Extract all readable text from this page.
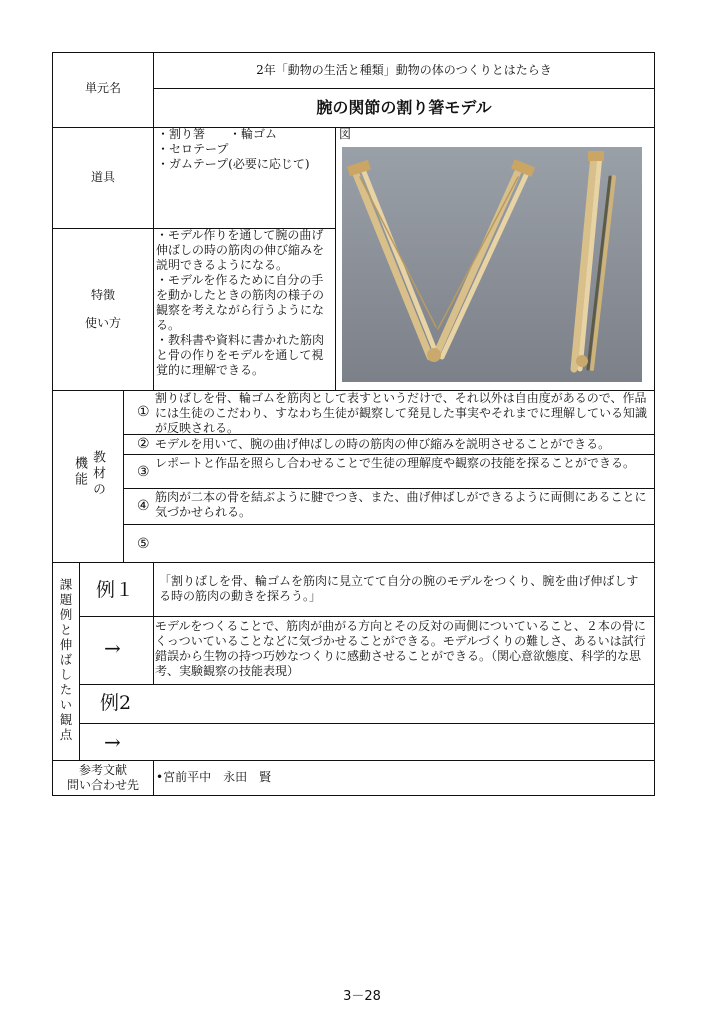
単元名
2年「動物の生活と種類」動物の体のつくりとはたらき
腕の関節の割り箸モデル
道具
・割り箸　　・輪ゴム
・セロテープ
・ガムテープ(必要に応じて)
特徴
使い方
・モデル作りを通して腕の曲げ伸ばしの時の筋肉の伸び縮みを説明できるようになる。
・モデルを作るために自分の手を動かしたときの筋肉の様子の観察を考えながら行うようになる。
・教科書や資料に書かれた筋肉と骨の作りをモデルを通して視覚的に理解できる。
図
教材
の
機能
①
割りばしを骨、輪ゴムを筋肉として表すというだけで、それ以外は自由度があるので、作品には生徒のこだわり、すなわち生徒が観察して発見した事実やそれまでに理解している知識が反映される。
② モデルを用いて、腕の曲げ伸ばしの時の筋肉の伸び縮みを説明させることができる。
③
レポートと作品を照らし合わせることで生徒の理解度や観察の技能を探ることができる。
④
筋肉が二本の骨を結ぶように腱でつき、また、曲げ伸ばしができるように両側にあることに気づかせられる。
⑤
課題例と伸ばしたい観点 例１ 「割りばしを骨、輪ゴムを筋肉に見立てて自分の腕のモデルをつくり、腕を曲げ伸ばしする時の筋肉の動きを探ろう。」
→
モデルをつくることで、筋肉が曲がる方向とその反対の両側についていること、２本の骨にくっついていることなどに気づかせることができる。モデルづくりの難しさ、あるいは試行錯誤から生物の持つ巧妙なつくりに感動させることができる。（関心意欲態度、科学的な思考、実験観察の技能表現）
例2
→
参考文献
問い合わせ先
•宮前平中　永田　賢
3－28
